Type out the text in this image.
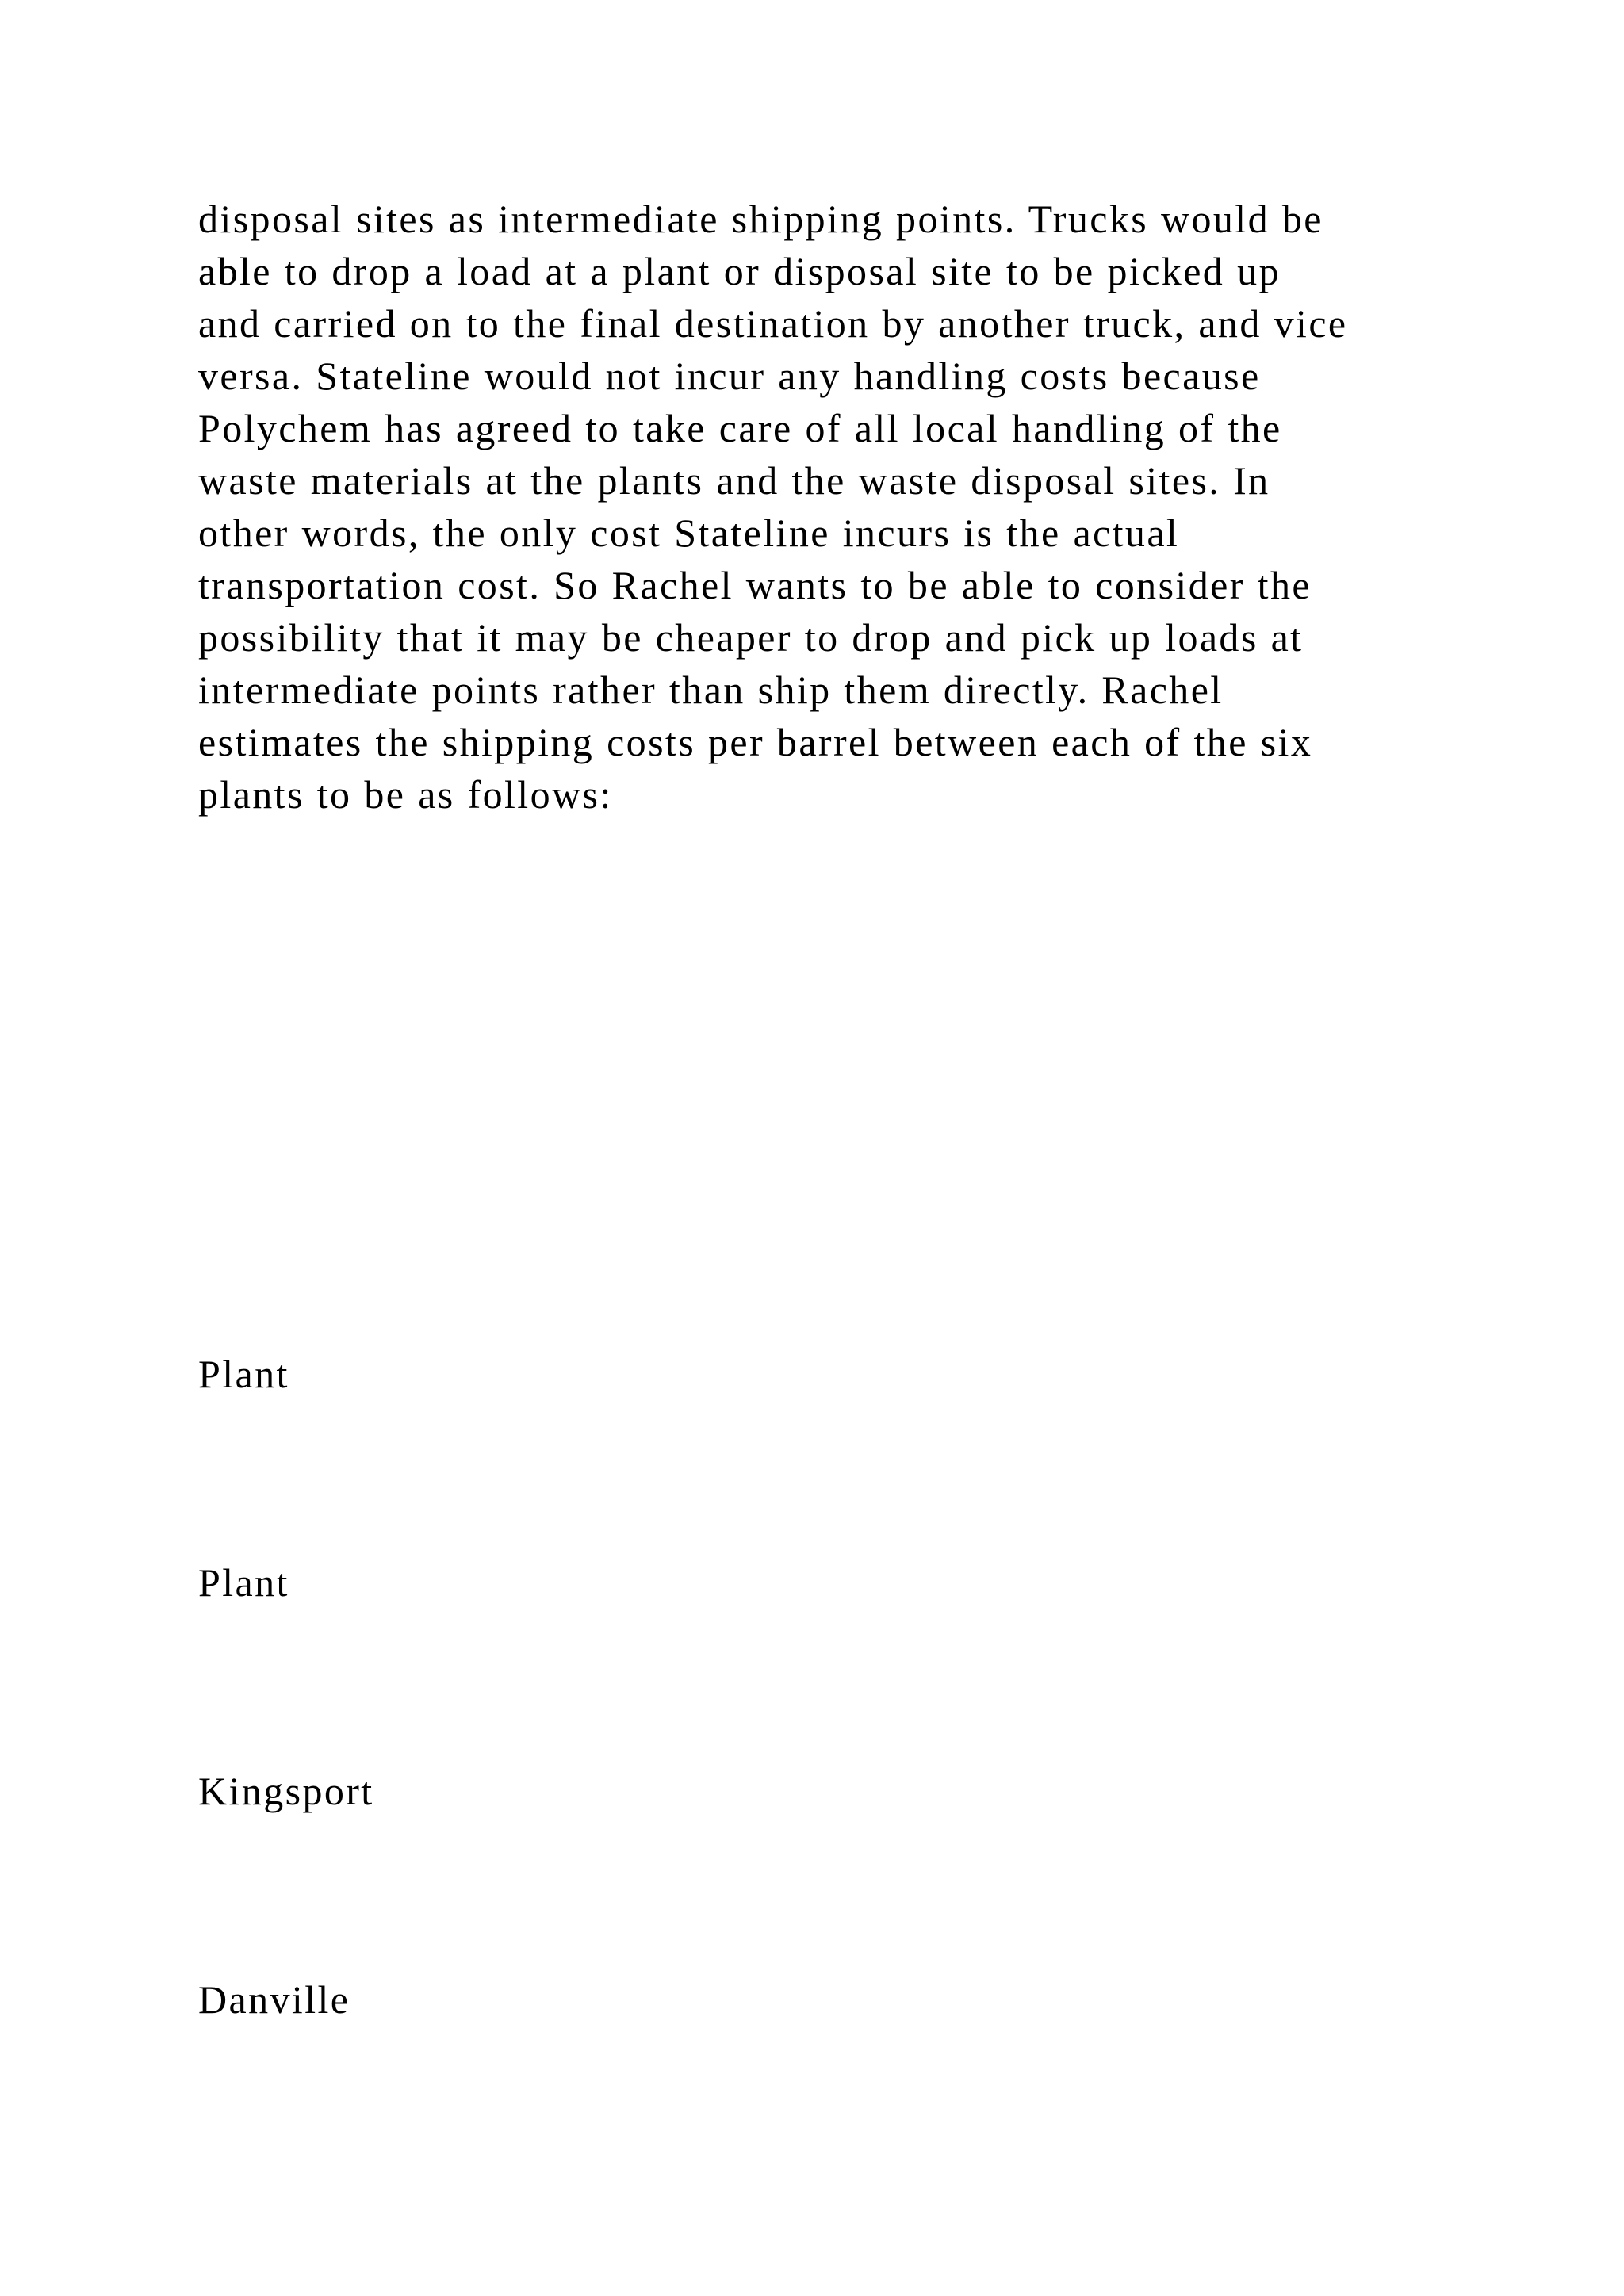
disposal sites as intermediate shipping points. Trucks would be
able to drop a load at a plant or disposal site to be picked up
and carried on to the final destination by another truck, and vice
versa. Stateline would not incur any handling costs because
Polychem has agreed to take care of all local handling of the
waste materials at the plants and the waste disposal sites. In
other words, the only cost Stateline incurs is the actual
transportation cost. So Rachel wants to be able to consider the
possibility that it may be cheaper to drop and pick up loads at
intermediate points rather than ship them directly. Rachel
estimates the shipping costs per barrel between each of the six
plants to be as follows:

Plant

Plant

Kingsport

Danville
